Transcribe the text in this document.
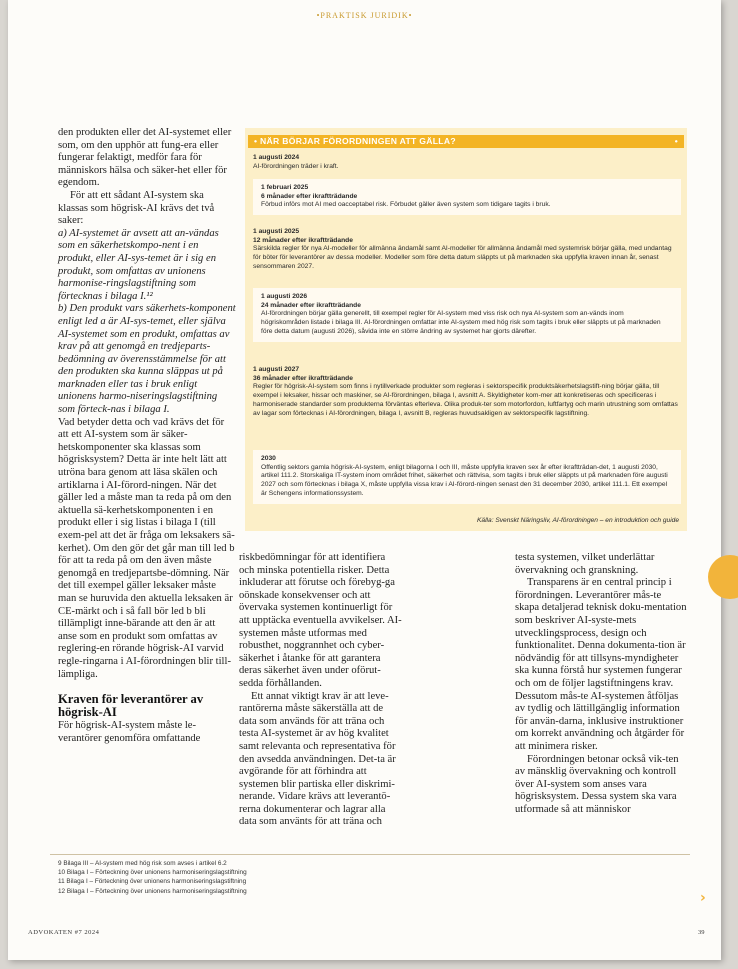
•PRAKTISK JURIDIK•

den produkten eller det AI-systemet eller som, om den upphör att fung-era eller fungerar felaktigt, medför fara för människors hälsa och säker-het eller för egendom.

För att ett sådant AI-system ska klassas som högrisk-AI krävs det två saker:

a) AI-systemet är avsett att an-vändas som en säkerhetskompo-nent i en produkt, eller AI-sys-temet är i sig en produkt, som omfattas av unionens harmonise-ringslagstiftning som förtecknas i bilaga I.¹²

b) Den produkt vars säkerhets-komponent enligt led a är AI-sys-temet, eller själva AI-systemet som en produkt, omfattas av krav på att genomgå en tredjeparts-bedömning av överensstämmelse för att den produkten ska kunna släppas ut på marknaden eller tas i bruk enligt unionens harmo-niseringslagstiftning som förteck-nas i bilaga I.

Vad betyder detta och vad krävs det för att ett AI-system som är säker-hetskomponenter ska klassas som högrisksystem? Detta är inte helt lätt att utröna bara genom att läsa skälen och artiklarna i AI-förord-ningen. När det gäller led a måste man ta reda på om den aktuella sä-kerhetskomponenten i en produkt eller i sig listas i bilaga I (till exem-pel att det är fråga om leksakers sä-kerhet). Om den gör det går man till led b för att ta reda på om den även måste genomgå en tredjepartsbe-dömning. När det till exempel gäller leksaker måste man se huruvida den aktuella leksaken är CE-märkt och i så fall bör led b bli tillämpligt inne-bärande att den är att anse som en produkt som omfattas av reglering-en rörande högrisk-AI varvid regle-ringarna i AI-förordningen blir till-lämpliga.

Kraven för leverantörer av högrisk-AI

För högrisk-AI-system måste le-verantörer genomföra omfattande

• NÄR BÖRJAR FÖRORDNINGEN ATT GÄLLA?	•
1 augusti 2024
AI-förordningen träder i kraft.
1 februari 2025
6 månader efter ikraftträdande
Förbud införs mot AI med oacceptabel risk. Förbudet gäller även system som tidigare tagits i bruk.
1 augusti 2025
12 månader efter ikraftträdande
Särskilda regler för nya AI-modeller för allmänna ändamål samt AI-modeller för allmänna ändamål med systemrisk börjar gälla, med undantag för böter för leverantörer av dessa modeller. Modeller som före detta datum släppts ut på marknaden ska uppfylla kraven innan år, senast sensommaren 2027.
1 augusti 2026
24 månader efter ikraftträdande
AI-förordningen börjar gälla generellt, till exempel regler för AI-system med viss risk och nya AI-system som an-vänds inom högriskområden listade i bilaga III. AI-förordningen omfattar inte AI-system med hög risk som tagits i bruk eller släppts ut på marknaden före detta datum (augusti 2026), såvida inte en större ändring av systemet har gjorts därefter.
1 augusti 2027
36 månader efter ikraftträdande
Regler för högrisk-AI-system som finns i nytillverkade produkter som regleras i sektorspecifik produktsäkerhetslagstift-ning börjar gälla, till exempel i leksaker, hissar och maskiner, se AI-förordningen, bilaga I, avsnitt A. Skyldigheter kom-mer att konkretiseras och specificeras i harmoniserade standarder som produkterna förväntas efterleva. Olika produk-ter som motorfordon, luftfartyg och marin utrustning som omfattas av lagar som förtecknas i AI-förordningen, bilaga I, avsnitt B, regleras huvudsakligen av sektorspecifik lagstiftning.
2030
Offentlig sektors gamla högrisk-AI-system, enligt bilagorna I och III, måste uppfylla kraven sex år efter ikraftträdan-det, 1 augusti 2030, artikel 111.2. Storskaliga IT-system inom området frihet, säkerhet och rättvisa, som tagits i bruk eller släppts ut på marknaden före augusti 2027 och som förtecknas i bilaga X, måste uppfylla vissa krav i AI-förord-ningen senast den 31 december 2030, artikel 111.1. Ett exempel är Schengens informationssystem.
Källa: Svenskt Näringsliv, AI-förordningen – en introduktion och guide

riskbedömningar för att identifiera och minska potentiella risker. Detta inkluderar att förutse och förebyg-ga oönskade konsekvenser och att övervaka systemen kontinuerligt för att upptäcka eventuella avvikelser. AI-systemen måste utformas med robusthet, noggrannhet och cyber-säkerhet i åtanke för att garantera deras säkerhet även under oförut-sedda förhållanden.

Ett annat viktigt krav är att leve-rantörerna måste säkerställa att de data som används för att träna och testa AI-systemet är av hög kvalitet samt relevanta och representativa för den avsedda användningen. Det-ta är avgörande för att förhindra att systemen blir partiska eller diskrimi-nerande. Vidare krävs att leverantö-rerna dokumenterar och lagrar alla data som använts för att träna och

testa systemen, vilket underlättar övervakning och granskning.

Transparens är en central princip i förordningen. Leverantörer mås-te skapa detaljerad teknisk doku-mentation som beskriver AI-syste-mets utvecklingsprocess, design och funktionalitet. Denna dokumenta-tion är nödvändig för att tillsyns-myndigheter ska kunna förstå hur systemen fungerar och om de följer lagstiftningens krav. Dessutom mås-te AI-systemen åtföljas av tydlig och lättillgänglig information för använ-darna, inklusive instruktioner om korrekt användning och åtgärder för att minimera risker.

Förordningen betonar också vik-ten av mänsklig övervakning och kontroll över AI-system som anses vara högrisksystem. Dessa system ska vara utformade så att människor

9 Bilaga III – AI-system med hög risk som avses i artikel 6.2
10 Bilaga I – Förteckning över unionens harmoniseringslagstiftning
11 Bilaga I – Förteckning över unionens harmoniseringslagstiftning
12 Bilaga I – Förteckning över unionens harmoniseringslagstiftning
ADVOKATEN #7 2024	39
›
